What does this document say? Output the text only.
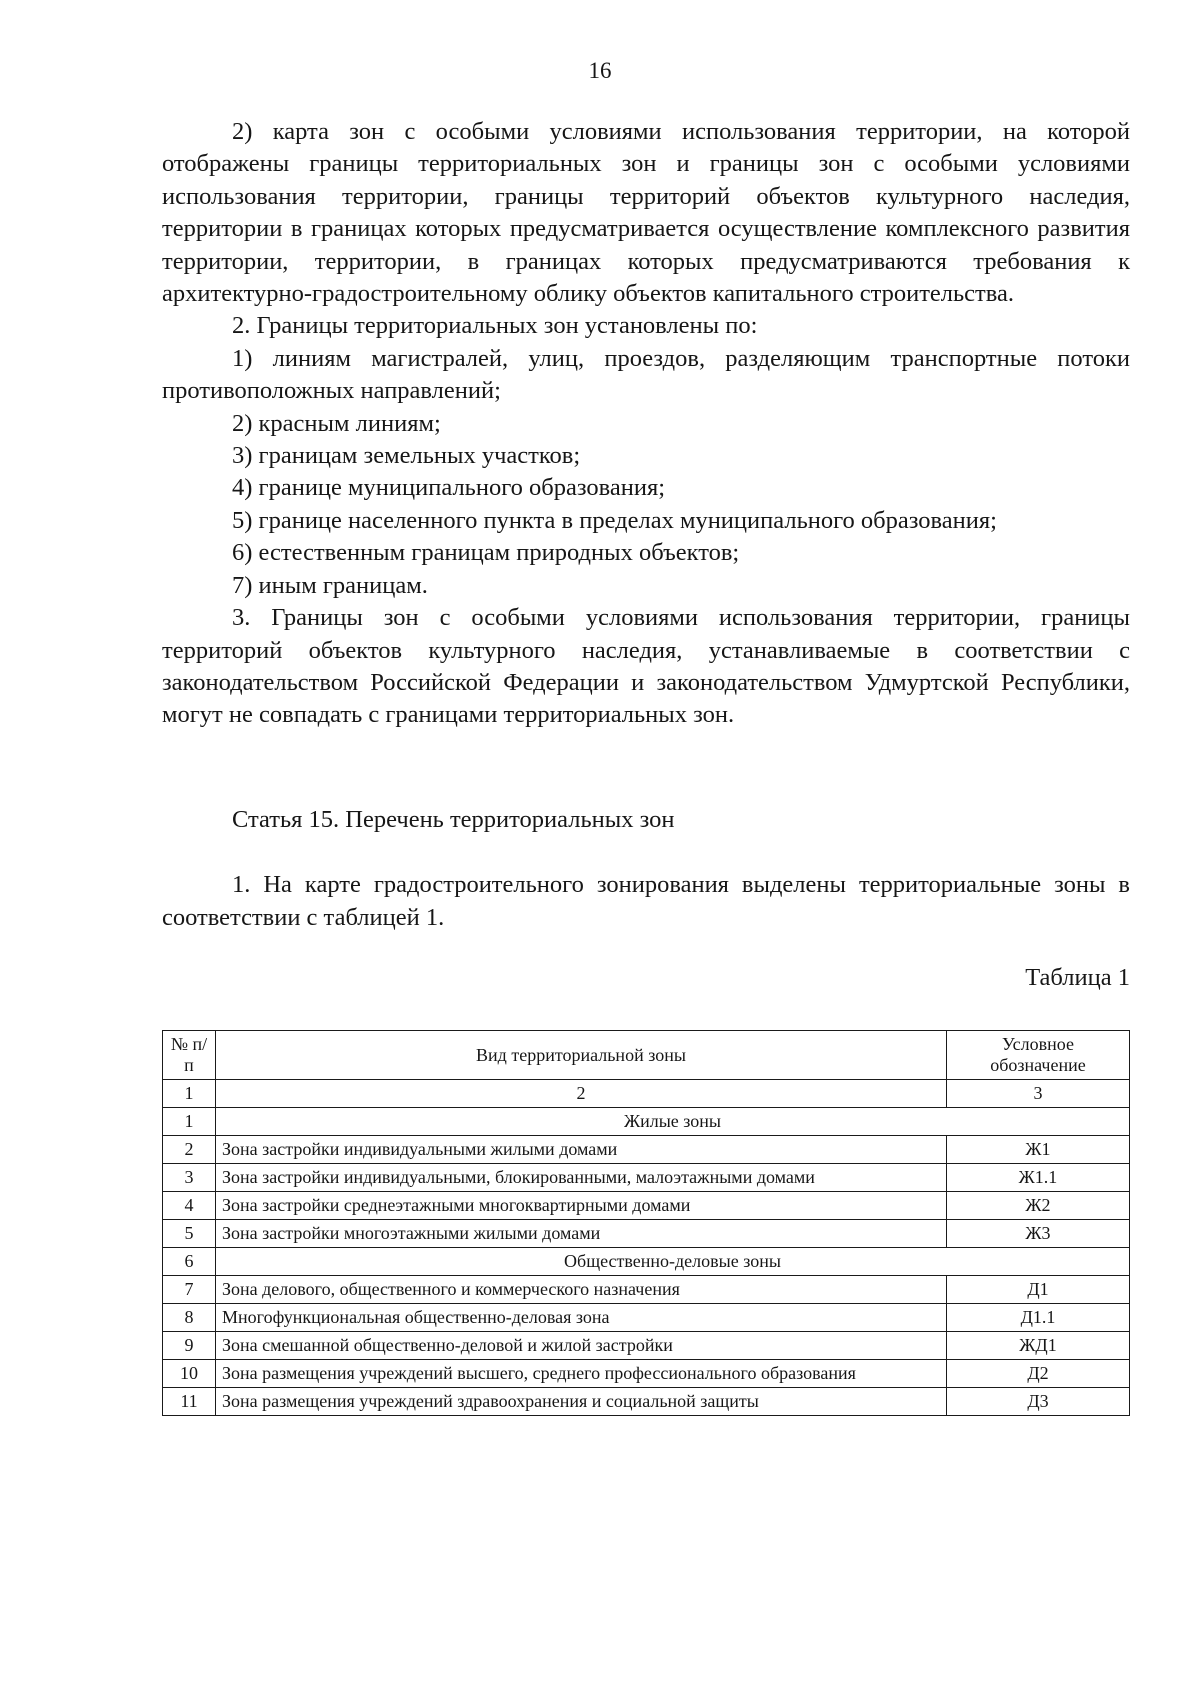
16

2) карта зон с особыми условиями использования территории, на которой отображены границы территориальных зон и границы зон с особыми условиями использования территории, границы территорий объектов культурного наследия, территории в границах которых предусматривается осуществление комплексного развития территории, территории, в границах которых предусматриваются требования к архитектурно-градостроительному облику объектов капитального строительства.

2. Границы территориальных зон установлены по:

1) линиям магистралей, улиц, проездов, разделяющим транспортные потоки противоположных направлений;

2) красным линиям;

3) границам земельных участков;

4) границе муниципального образования;

5) границе населенного пункта в пределах муниципального образования;

6) естественным границам природных объектов;

7) иным границам.

3. Границы зон с особыми условиями использования территории, границы территорий объектов культурного наследия, устанавливаемые в соответствии с законодательством Российской Федерации и законодательством Удмуртской Республики, могут не совпадать с границами территориальных зон.

Статья 15. Перечень территориальных зон

1. На карте градостроительного зонирования выделены территориальные зоны в соответствии с таблицей 1.

Таблица 1

№ п/п	Вид территориальной зоны	Условное обозначение
1	2	3
1	Жилые зоны	
2	Зона застройки индивидуальными жилыми домами	Ж1
3	Зона застройки индивидуальными, блокированными, малоэтажными домами	Ж1.1
4	Зона застройки среднеэтажными многоквартирными домами	Ж2
5	Зона застройки многоэтажными жилыми домами	Ж3
6	Общественно-деловые зоны	
7	Зона делового, общественного и коммерческого назначения	Д1
8	Многофункциональная общественно-деловая зона	Д1.1
9	Зона смешанной общественно-деловой и жилой застройки	ЖД1
10	Зона размещения учреждений высшего, среднего профессионального образования	Д2
11	Зона размещения учреждений здравоохранения и социальной защиты	Д3
